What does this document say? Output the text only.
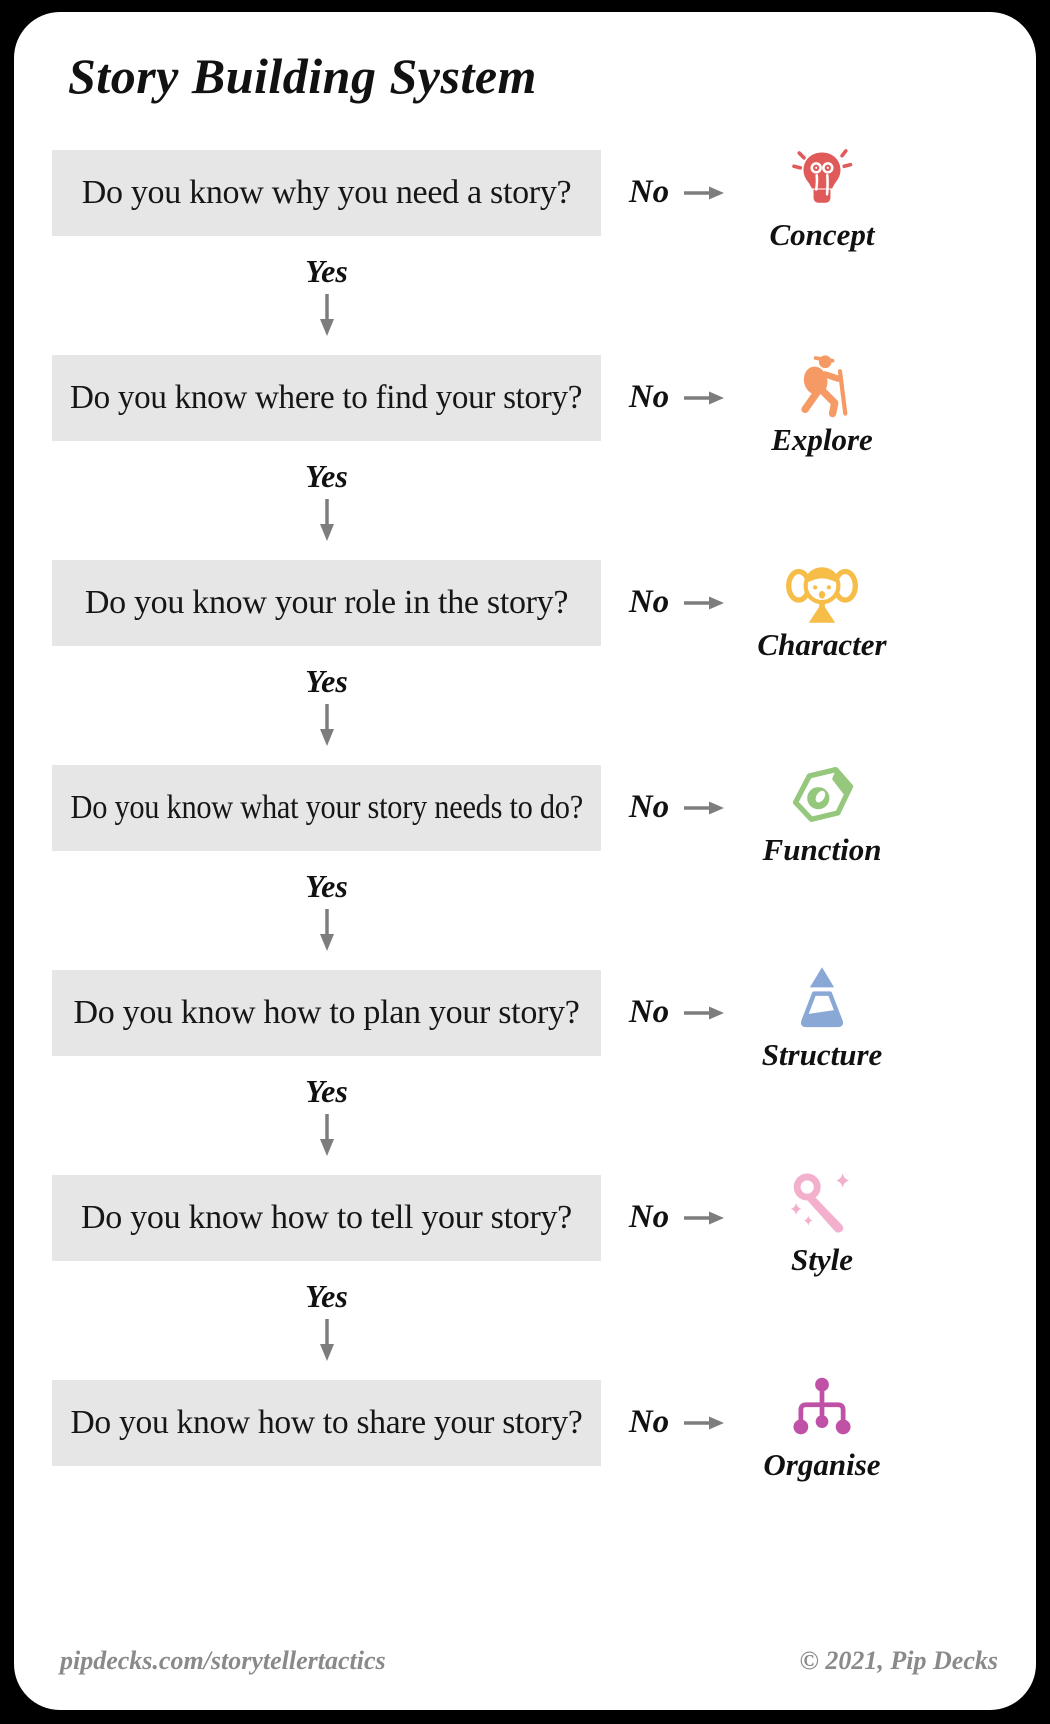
Story Building System
Do you know why you need a story? No
Concept
Yes
Do you know where to find your story? No
Explore
Yes
Do you know your role in the story? No
Character
Yes
Do you know what your story needs to do? No
Function
Yes
Do you know how to plan your story? No
Structure
Yes
Do you know how to tell your story? No
Style
Yes
Do you know how to share your story? No
Organise
pipdecks.com/storytellertactics	© 2021, Pip Decks
